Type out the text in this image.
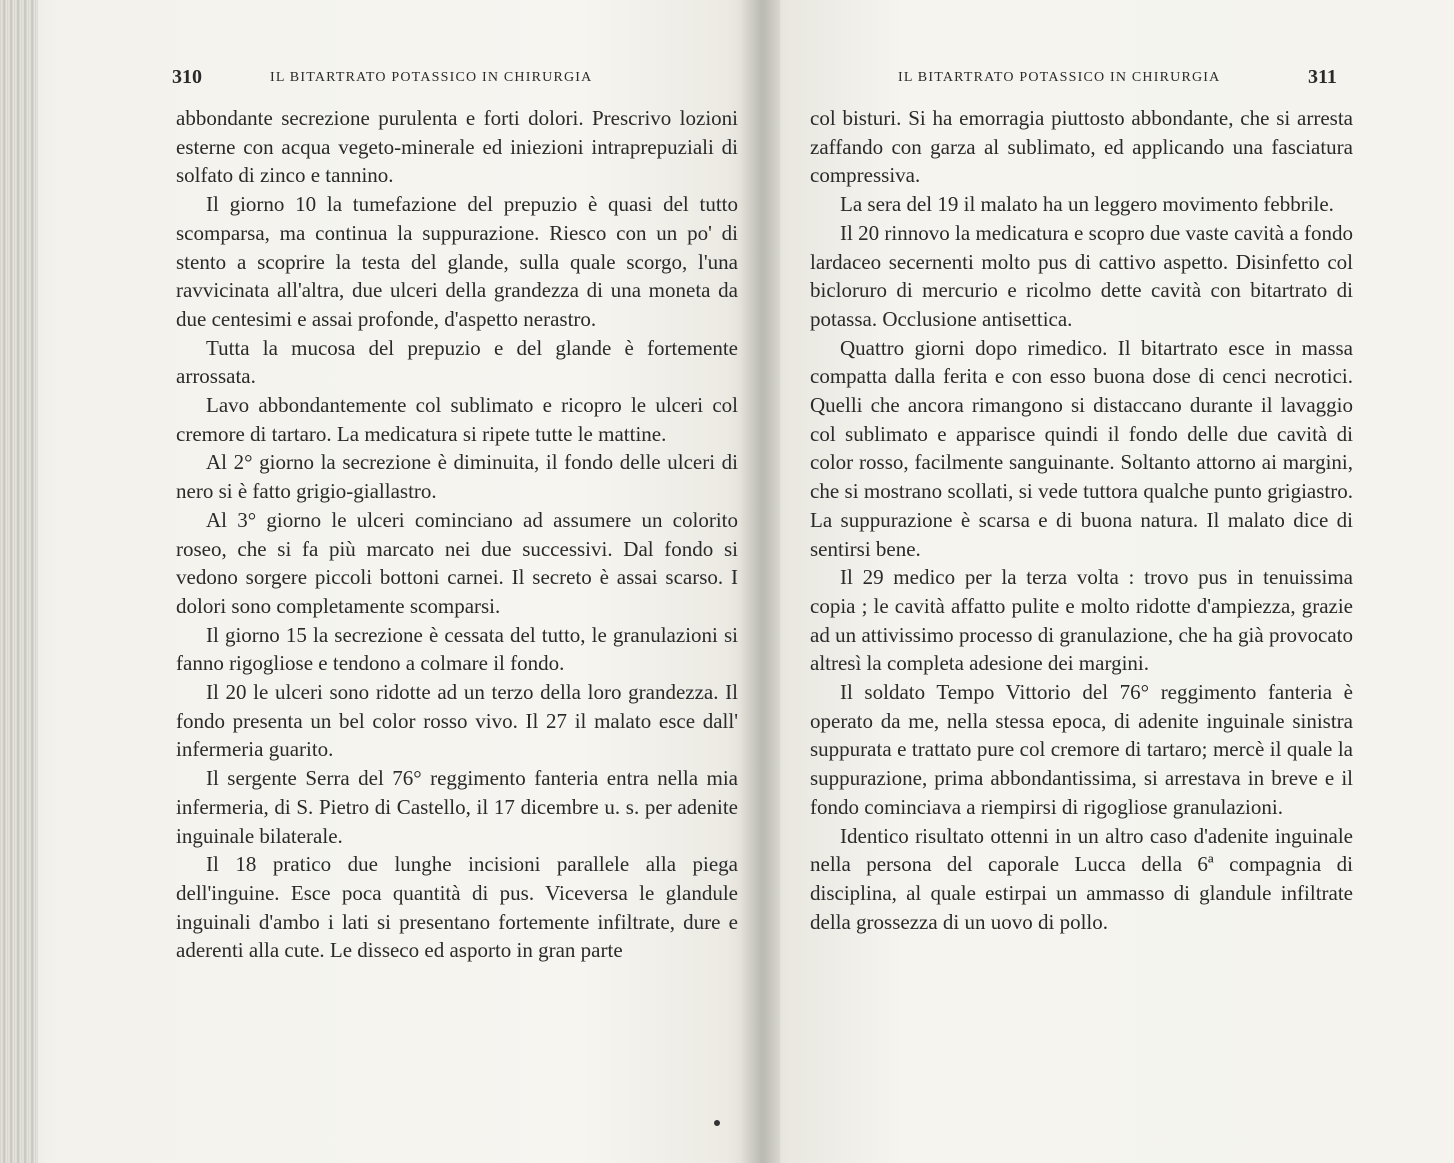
310	IL BITARTRATO POTASSICO IN CHIRURGIA

abbondante secrezione purulenta e forti dolori. Prescrivo lozioni esterne con acqua vegeto-minerale ed iniezioni intraprepuziali di solfato di zinco e tannino.

Il giorno 10 la tumefazione del prepuzio è quasi del tutto scomparsa, ma continua la suppurazione. Riesco con un po' di stento a scoprire la testa del glande, sulla quale scorgo, l'una ravvicinata all'altra, due ulceri della grandezza di una moneta da due centesimi e assai profonde, d'aspetto nerastro.

Tutta la mucosa del prepuzio e del glande è fortemente arrossata.

Lavo abbondantemente col sublimato e ricopro le ulceri col cremore di tartaro. La medicatura si ripete tutte le mattine.

Al 2° giorno la secrezione è diminuita, il fondo delle ulceri di nero si è fatto grigio-giallastro.

Al 3° giorno le ulceri cominciano ad assumere un colorito roseo, che si fa più marcato nei due successivi. Dal fondo si vedono sorgere piccoli bottoni carnei. Il secreto è assai scarso. I dolori sono completamente scomparsi.

Il giorno 15 la secrezione è cessata del tutto, le granulazioni si fanno rigogliose e tendono a colmare il fondo.

Il 20 le ulceri sono ridotte ad un terzo della loro grandezza. Il fondo presenta un bel color rosso vivo. Il 27 il malato esce dall' infermeria guarito.

Il sergente Serra del 76° reggimento fanteria entra nella mia infermeria, di S. Pietro di Castello, il 17 dicembre u. s. per adenite inguinale bilaterale.

Il 18 pratico due lunghe incisioni parallele alla piega dell'inguine. Esce poca quantità di pus. Viceversa le glandule inguinali d'ambo i lati si presentano fortemente infiltrate, dure e aderenti alla cute. Le disseco ed asporto in gran parte

IL BITARTRATO POTASSICO IN CHIRURGIA	311

col bisturi. Si ha emorragia piuttosto abbondante, che si arresta zaffando con garza al sublimato, ed applicando una fasciatura compressiva.

La sera del 19 il malato ha un leggero movimento febbrile.

Il 20 rinnovo la medicatura e scopro due vaste cavità a fondo lardaceo secernenti molto pus di cattivo aspetto. Disinfetto col bicloruro di mercurio e ricolmo dette cavità con bitartrato di potassa. Occlusione antisettica.

Quattro giorni dopo rimedico. Il bitartrato esce in massa compatta dalla ferita e con esso buona dose di cenci necrotici. Quelli che ancora rimangono si distaccano durante il lavaggio col sublimato e apparisce quindi il fondo delle due cavità di color rosso, facilmente sanguinante. Soltanto attorno ai margini, che si mostrano scollati, si vede tuttora qualche punto grigiastro. La suppurazione è scarsa e di buona natura. Il malato dice di sentirsi bene.

Il 29 medico per la terza volta : trovo pus in tenuissima copia ; le cavità affatto pulite e molto ridotte d'ampiezza, grazie ad un attivissimo processo di granulazione, che ha già provocato altresì la completa adesione dei margini.

Il soldato Tempo Vittorio del 76° reggimento fanteria è operato da me, nella stessa epoca, di adenite inguinale sinistra suppurata e trattato pure col cremore di tartaro; mercè il quale la suppurazione, prima abbondantissima, si arrestava in breve e il fondo cominciava a riempirsi di rigogliose granulazioni.

Identico risultato ottenni in un altro caso d'adenite inguinale nella persona del caporale Lucca della 6ª compagnia di disciplina, al quale estirpai un ammasso di glandule infiltrate della grossezza di un uovo di pollo.
